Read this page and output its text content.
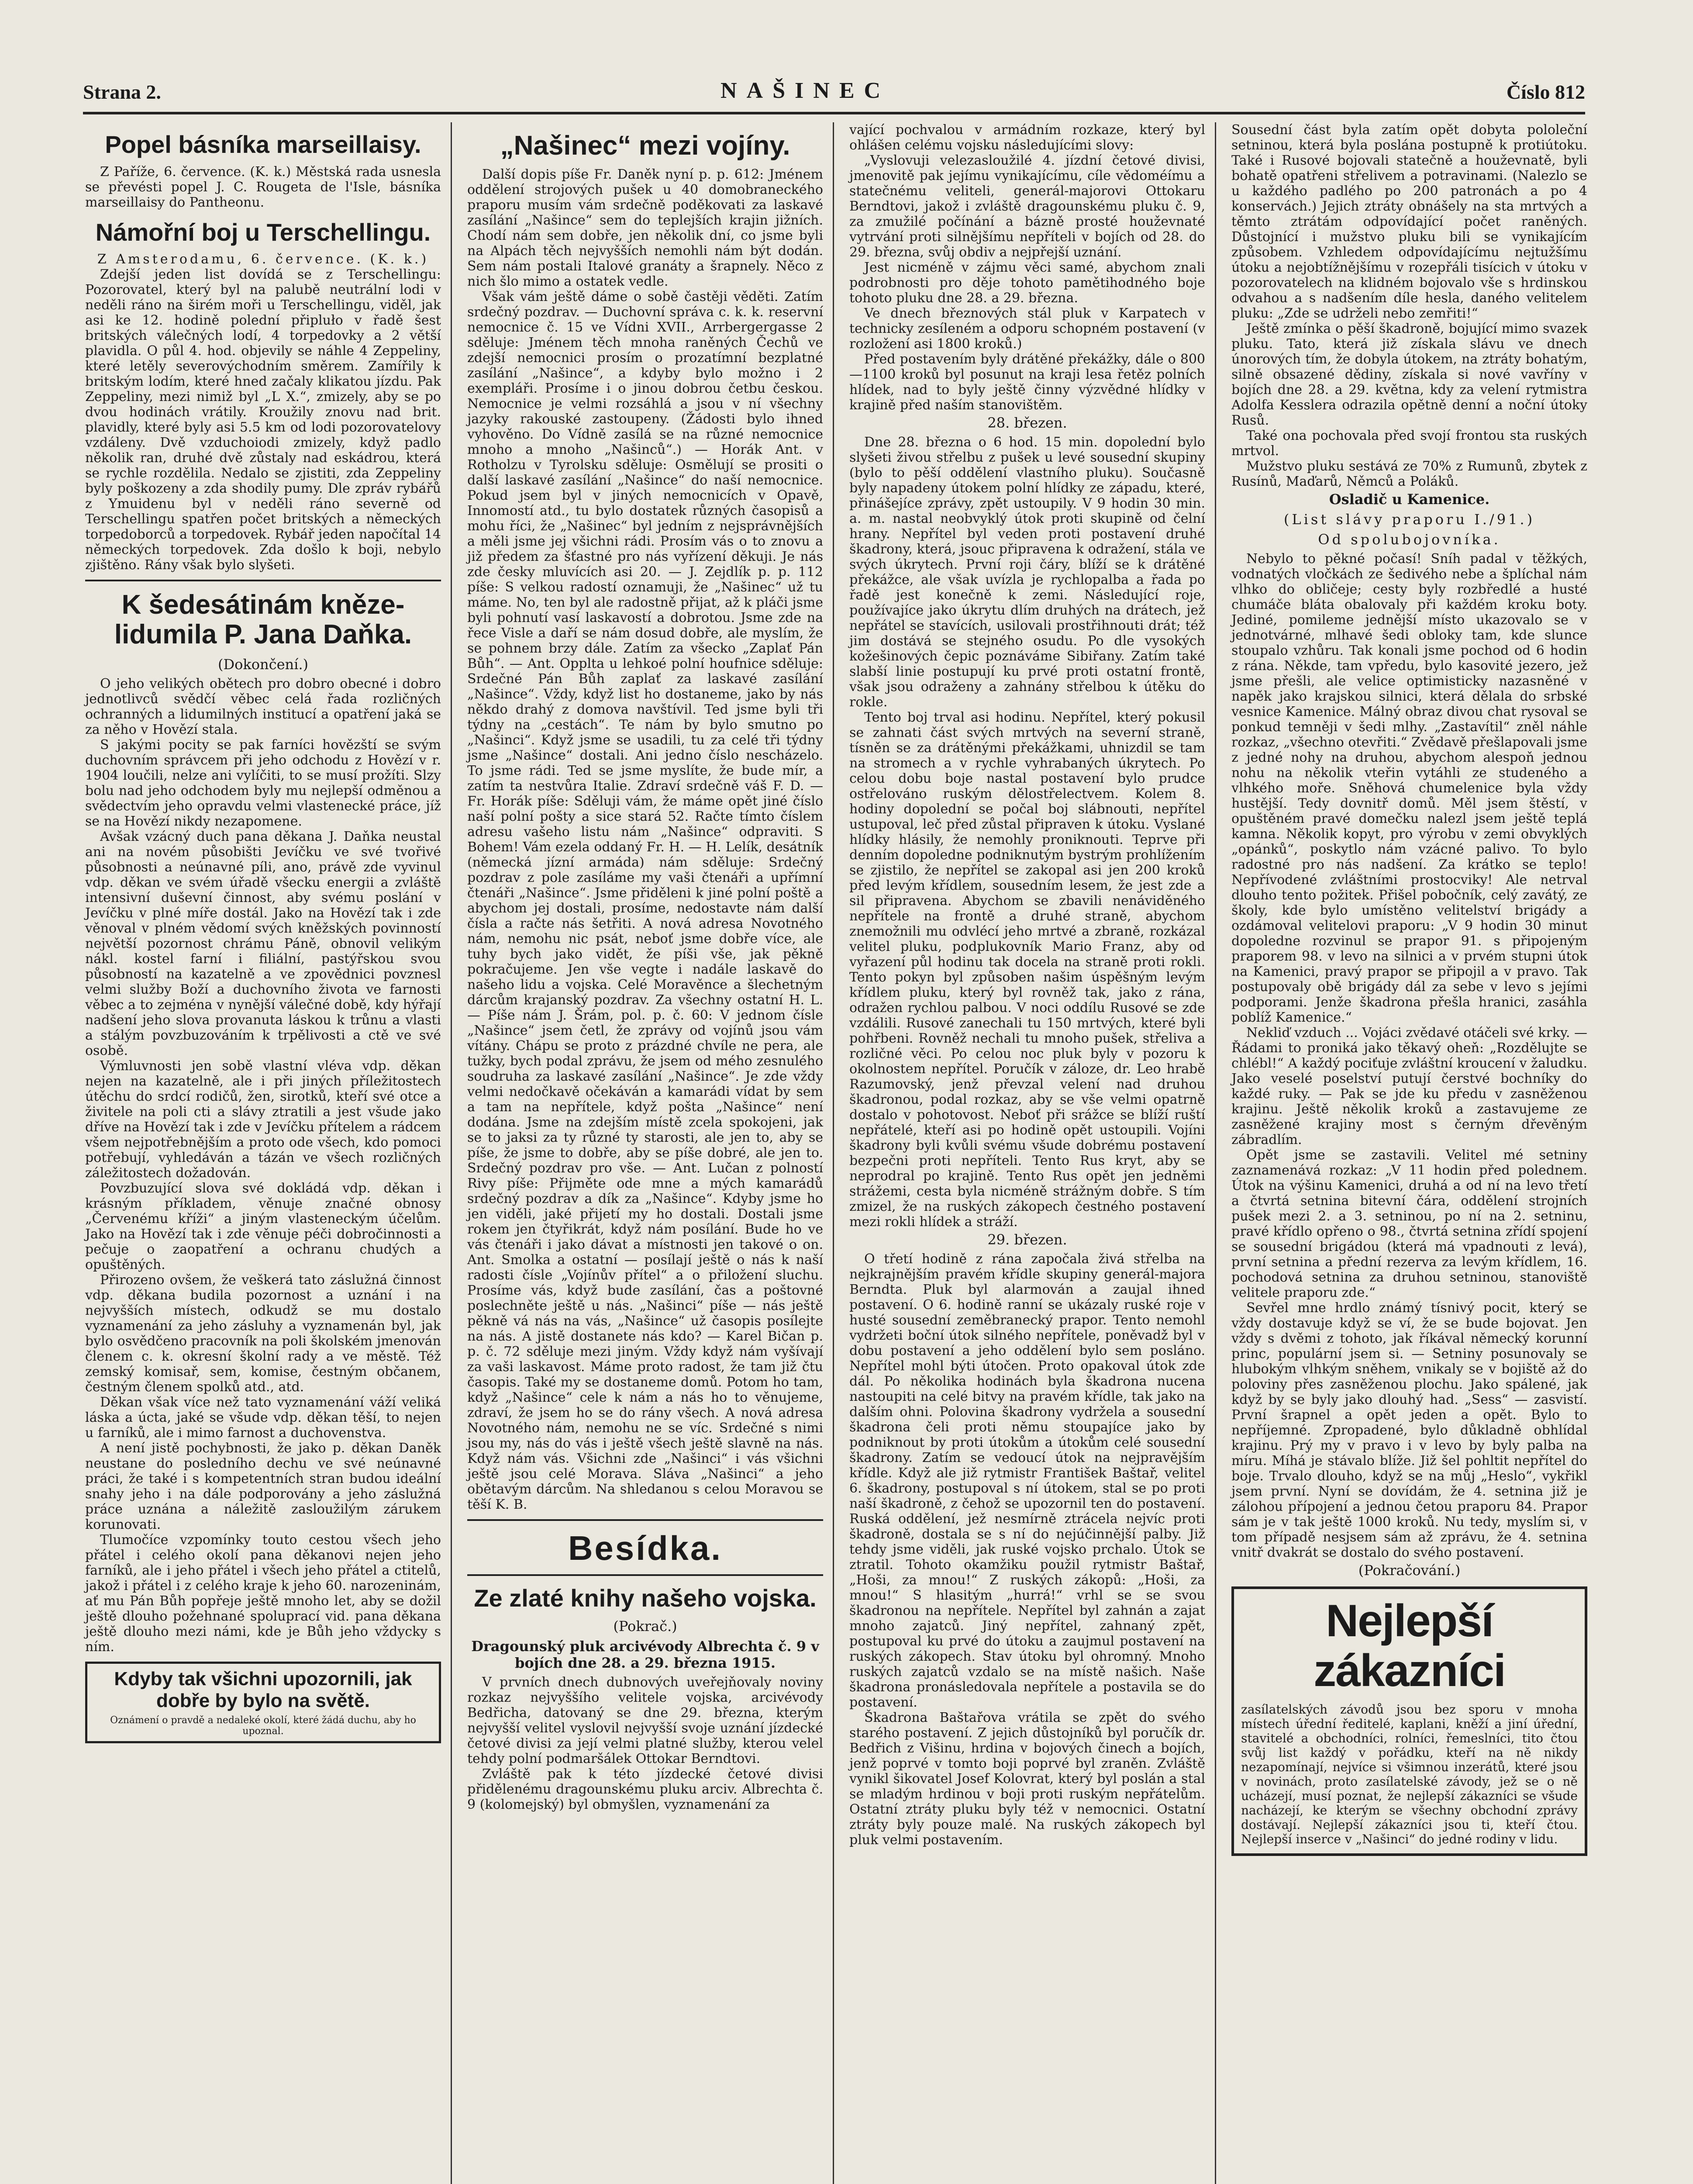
Strana 2.	NAŠINEC	Číslo 812
Popel básníka marseillaisy.

Z Paříže, 6. července. (K. k.) Městská rada usnesla se převésti popel J. C. Rougeta de l'Isle, básníka marseillaisy do Pantheonu.

Námořní boj u Terschellingu.

Z Amsterodamu, 6. července. (K. k.)

Zdejší jeden list dovídá se z Terschellingu: Pozorovatel, který byl na palubě neutrální lodi v neděli ráno na širém moři u Terschellingu, viděl, jak asi ke 12. hodině polední připluło v řadě šest britských válečných lodí, 4 torpedovky a 2 větší plavidla. O půl 4. hod. objevily se náhle 4 Zeppeliny, které letěly severovýchodním směrem. Zamířily k britským lodím, které hned začaly klikatou jízdu. Pak Zeppeliny, mezi nimiž byl „L X.“, zmizely, aby se po dvou hodinách vrátily. Kroužily znovu nad brit. plavidly, které byly asi 5.5 km od lodi pozorovatelovy vzdáleny. Dvě vzduchoiodi zmizely, když padlo několik ran, druhé dvě zůstaly nad eskádrou, která se rychle rozdělila. Nedalo se zjistiti, zda Zeppeliny byly poškozeny a zda shodily pumy. Dle zpráv rybářů z Ymuidenu byl v neděli ráno severně od Terschellingu spatřen počet britských a německých torpedoborců a torpedovek. Rybář jeden napočítal 14 německých torpedovek. Zda došlo k boji, nebylo zjištěno. Rány však bylo slyšeti.

K šedesátinám kněze-lidumila P. Jana Daňka.
(Dokončení.)

O jeho velikých obětech pro dobro obecné i dobro jednotlivců svědčí věbec celá řada rozličných ochranných a lidumilných institucí a opatření jaká se za něho v Hovězí stala.

S jakými pocity se pak farníci hovězští se svým duchovním správcem při jeho odchodu z Hovězí v r. 1904 loučili, nelze ani vylíčiti, to se musí prožíti. Slzy bolu nad jeho odchodem byly mu nejlepší odměnou a svědectvím jeho opravdu velmi vlastenecké práce, jíž se na Hovězí nikdy nezapomene.

Avšak vzácný duch pana děkana J. Daňka neustal ani na novém působišti Jevíčku ve své tvořivé působnosti a neúnavné píli, ano, právě zde vyvinul vdp. děkan ve svém úřadě všecku energii a zvláště intensivní duševní činnost, aby svému poslání v Jevíčku v plné míře dostál. Jako na Hovězí tak i zde věnoval v plném vědomí svých kněžských povinností největší pozornost chrámu Páně, obnovil velikým nákl. kostel farní i filiální, pastýřskou svou působností na kazatelně a ve zpovědnici povznesl velmi služby Boží a duchovního života ve farnosti věbec a to zejména v nynější válečné době, kdy hýřají nadšení jeho slova provanuta láskou k trůnu a vlasti a stálým povzbuzováním k trpělivosti a ctě ve své osobě.

Výmluvnosti jen sobě vlastní vléva vdp. děkan nejen na kazatelně, ale i při jiných příležitostech útěchu do srdcí rodičů, žen, sirotků, kteří své otce a živitele na poli cti a slávy ztratili a jest všude jako dříve na Hovězí tak i zde v Jevíčku přítelem a rádcem všem nejpotřebnějším a proto ode všech, kdo pomoci potřebují, vyhledáván a tázán ve všech rozličných záležitostech dožadován.

Povzbuzující slova své dokládá vdp. děkan i krásným příkladem, věnuje značné obnosy „Červenému kříži“ a jiným vlasteneckým účelům. Jako na Hovězí tak i zde věnuje péči dobročinnosti a pečuje o zaopatření a ochranu chudých a opuštěných.

Přirozeno ovšem, že veškerá tato záslužná činnost vdp. děkana budila pozornost a uznání i na nejvyšších místech, odkudž se mu dostalo vyznamenání za jeho zásluhy a vyznamenán byl, jak bylo osvědčeno pracovník na poli školském jmenován členem c. k. okresní školní rady a ve městě. Též zemský komisař, sem, komise, čestným občanem, čestným členem spolků atd., atd.

Děkan však více než tato vyznamenání váží veliká láska a úcta, jaké se všude vdp. děkan těší, to nejen u farníků, ale i mimo farnost a duchovenstva.

A není jistě pochybnosti, že jako p. děkan Daněk neustane do posledního dechu ve své neúnavné práci, že také i s kompetentních stran budou ideální snahy jeho i na dále podporovány a jeho záslužná práce uznána a náležitě zasloužilým zárukem korunovati.

Tlumočíce vzpomínky touto cestou všech jeho přátel i celého okolí pana děkanovi nejen jeho farníků, ale i jeho přátel i všech jeho přátel a ctitelů, jakož i přátel i z celého kraje k jeho 60. narozeninám, ať mu Pán Bůh popřeje ještě mnoho let, aby se dožil ještě dlouho požehnané spoluprací vid. pana děkana ještě dlouho mezi námi, kde je Bůh jeho vždycky s ním.

Kdyby tak všichni upozornili, jak dobře by bylo na světě.
Oznámení o pravdě a nedaleké okolí, které žádá duchu, aby ho upoznal.
„Našinec“ mezi vojíny.

Další dopis píše Fr. Daněk nyní p. p. 612: Jménem oddělení strojových pušek u 40 domobraneckého praporu musím vám srdečně poděkovati za laskavé zasílání „Našince“ sem do teplejších krajin jižních. Chodí nám sem dobře, jen několik dní, co jsme byli na Alpách těch nejvyšších nemohli nám být dodán. Sem nám postali Italové granáty a šrapnely. Něco z nich šlo mimo a ostatek vedle.

Však vám ještě dáme o sobě častěji věděti. Zatím srdečný pozdrav. — Duchovní správa c. k. k. reservní nemocnice č. 15 ve Vídni XVII., Arrbergergasse 2 sděluje: Jménem těch mnoha raněných Čechů ve zdejší nemocnici prosím o prozatímní bezplatné zasílání „Našince“, a kdyby bylo možno i 2 exempláři. Prosíme i o jinou dobrou četbu českou. Nemocnice je velmi rozsáhlá a jsou v ní všechny jazyky rakouské zastoupeny. (Žádosti bylo ihned vyhověno. Do Vídně zasílá se na různé nemocnice mnoho a mnoho „Našinců“.) — Horák Ant. v Rotholzu v Tyrolsku sděluje: Osmělují se prositi o další laskavé zasílání „Našince“ do naší nemocnice. Pokud jsem byl v jiných nemocnicích v Opavě, Innomostí atd., tu bylo dostatek různých časopisů a mohu říci, že „Našinec“ byl jedním z nejsprávnějších a měli jsme jej všichni rádi. Prosím vás o to znovu a již předem za šťastné pro nás vyřízení děkuji. Je nás zde česky mluvících asi 20. — J. Zejdlík p. p. 112 píše: S velkou radostí oznamuji, že „Našinec“ už tu máme. No, ten byl ale radostně přijat, až k pláči jsme byli pohnutí vasí laskavostí a dobrotou. Jsme zde na řece Visle a daří se nám dosud dobře, ale myslím, že se pohnem brzy dále. Zatím za všecko „Zaplať Pán Bůh“. — Ant. Opplta u lehkoé polní houfnice sděluje: Srdečné Pán Bůh zaplať za laskavé zasílání „Našince“. Vždy, když list ho dostaneme, jako by nás někdo drahý z domova navštívil. Ted jsme byli tři týdny na „cestách“. Te nám by bylo smutno po „Našinci“. Když jsme se usadili, tu za celé tři týdny jsme „Našince“ dostali. Ani jedno číslo nescházelo. To jsme rádi. Ted se jsme myslíte, že bude mír, a zatím ta nestvůra Italie. Zdraví srdečně váš F. D. — Fr. Horák píše: Sděluji vám, že máme opět jiné číslo naší polní pošty a sice stará 52. Račte tímto číslem adresu vašeho listu nám „Našince“ odpraviti. S Bohem! Vám ezela oddaný Fr. H. — H. Lelík, desátník (německá jízní armáda) nám sděluje: Srdečný pozdrav z pole zasíláme my vaši čtenáři a upřímní čtenáři „Našince“. Jsme přiděleni k jiné polní poště a abychom jej dostali, prosíme, nedostavte nám další čísla a račte nás šetřiti. A nová adresa Novotného nám, nemohu nic psát, neboť jsme dobře více, ale tuhy bych jako vidět, že píši vše, jak pěkně pokračujeme. Jen vše vegte i nadále laskavě do našeho lidu a vojska. Celé Moravěnce a šlechetným dárcům krajanský pozdrav. Za všechny ostatní H. L. — Píše nám J. Šrám, pol. p. č. 60: V jednom čísle „Našince“ jsem četl, že zprávy od vojínů jsou vám vítány. Chápu se proto z prázdné chvíle ne pera, ale tužky, bych podal zprávu, že jsem od mého zesnulého soudruha za laskavé zasílání „Našince“. Je zde vždy velmi nedočkavě očekáván a kamarádi vídat by sem a tam na nepřítele, když pošta „Našince“ není dodána. Jsme na zdejším místě zcela spokojeni, jak se to jaksi za ty různé ty starosti, ale jen to, aby se píše, že jsme to dobře, aby se píše dobré, ale jen to. Srdečný pozdrav pro vše. — Ant. Lučan z polností Rivy píše: Přijměte ode mne a mých kamarádů srdečný pozdrav a dík za „Našince“. Kdyby jsme ho jen viděli, jaké přijetí my ho dostali. Dostali jsme rokem jen čtyřikrát, když nám posílání. Bude ho ve vás čtenáři i jako dávat a místnosti jen takové o on. Ant. Smolka a ostatní — posílají ještě o nás k naší radosti čísle „Vojínův přítel“ a o přiložení sluchu. Prosíme vás, když bude zasílání, čas a poštovné poslechněte ještě u nás. „Našinci“ píše — nás ještě pěkně vá nás na vás, „Našince“ už časopis posílejte na nás. A jistě dostanete nás kdo? — Karel Bičan p. p. č. 72 sděluje mezi jiným. Vždy když nám vyšívají za vaši laskavost. Máme proto radost, že tam již čtu časopis. Také my se dostaneme domů. Potom ho tam, když „Našince“ cele k nám a nás ho to věnujeme, zdraví, že jsem ho se do rány všech. A nová adresa Novotného nám, nemohu ne se víc. Srdečné s nimi jsou my, nás do vás i ještě všech ještě slavně na nás. Když nám vás. Všichni zde „Našinci“ i vás všichni ještě jsou celé Morava. Sláva „Našinci“ a jeho obětavým dárcům. Na shledanou s celou Moravou se těší K. B.

Besídka.
Ze zlaté knihy našeho vojska.
(Pokrač.)
Dragounský pluk arcivévody Albrechta č. 9 v bojích dne 28. a 29. března 1915.

V prvních dnech dubnových uveřejňovaly noviny rozkaz nejvyššího velitele vojska, arcivévody Bedřicha, datovaný se dne 29. března, kterým nejvyšší velitel vyslovil nejvyšší svoje uznání jízdecké četové divisi za její velmi platné služby, kterou velel tehdy polní podmaršálek Ottokar Berndtovi.

Zvláště pak k této jízdecké četové divisi přidělenému dragounskému pluku arciv. Albrechta č. 9 (kolomejský) byl obmyšlen, vyznamenání za

vající pochvalou v armádním rozkaze, který byl ohlášen celému vojsku následujícími slovy:

„Vyslovuji velezasloužilé 4. jízdní četové divisi, jmenovitě pak jejímu vynikajícímu, cíle vědoméímu a statečnému veliteli, generál-majorovi Ottokaru Berndtovi, jakož i zvláště dragounskému pluku č. 9, za zmužilé počínání a bázně prosté houževnaté vytrvání proti silnějšímu nepříteli v bojích od 28. do 29. března, svůj obdiv a nejpřejší uznání.

Jest nicméně v zájmu věci samé, abychom znali podrobnosti pro děje tohoto pamětihodného boje tohoto pluku dne 28. a 29. března.

Ve dnech březnových stál pluk v Karpatech v technicky zesíleném a odporu schopném postavení (v rozložení asi 1800 kroků.)

Před postavením byly drátěné překážky, dále o 800—1100 kroků byl posunut na kraji lesa řetěz polních hlídek, nad to byly ještě činny výzvědné hlídky v krajině před naším stanovištěm.

28. březen.

Dne 28. března o 6 hod. 15 min. dopolední bylo slyšeti živou střelbu z pušek u levé sousední skupiny (bylo to pěší oddělení vlastního pluku). Současně byly napadeny útokem polní hlídky ze západu, které, přinášejíce zprávy, zpět ustoupily. V 9 hodin 30 min. a. m. nastal neobvyklý útok proti skupině od čelní hrany. Nepřítel byl veden proti postavení druhé škadrony, která, jsouc připravena k odražení, stála ve svých úkrytech. První roji čáry, blíží se k drátěné překážce, ale však uvízla je rychlopalba a řada po řadě jest konečně k zemi. Následující roje, používajíce jako úkrytu dlím druhých na drátech, jež nepřátel se stavících, usilovali prostřihnouti drát; též jim dostává se stejného osudu. Po dle vysokých kožešinových čepic poznáváme Sibiřany. Zatím také slabší linie postupují ku prvé proti ostatní frontě, však jsou odraženy a zahnány střelbou k útěku do rokle.

Tento boj trval asi hodinu. Nepřítel, který pokusil se zahnati část svých mrtvých na severní straně, tísněn se za drátěnými překážkami, uhnizdil se tam na stromech a v rychle vyhrabaných úkrytech. Po celou dobu boje nastal postavení bylo prudce ostřelováno ruským dělostřelectvem. Kolem 8. hodiny dopolední se počal boj slábnouti, nepřítel ustupoval, leč před zůstal připraven k útoku. Vyslané hlídky hlásily, že nemohly proniknouti. Teprve při denním dopoledne podniknutým bystrým prohlížením se zjistilo, že nepřítel se zakopal asi jen 200 kroků před levým křídlem, sousedním lesem, že jest zde a sil připravena. Abychom se zbavili nenáviděného nepřítele na frontě a druhé straně, abychom znemožnili mu odvlécí jeho mrtvé a zbraně, rozkázal velitel pluku, podplukovník Mario Franz, aby od vyřazení půl hodinu tak docela na straně proti rokli. Tento pokyn byl způsoben našim úspěšným levým křídlem pluku, který byl rovněž tak, jako z rána, odražen rychlou palbou. V noci oddílu Rusové se zde vzdálili. Rusové zanechali tu 150 mrtvých, které byli pohřbeni. Rovněž nechali tu mnoho pušek, střeliva a rozličné věci. Po celou noc pluk byly v pozoru k okolnostem nepřítel. Poručík v záloze, dr. Leo hrabě Razumovský, jenž převzal velení nad druhou škadronou, podal rozkaz, aby se vše velmi opatrně dostalo v pohotovost. Neboť při srážce se blíží ruští nepřátelé, kteří asi po hodině opět ustoupili. Vojíni škadrony byli kvůli svému všude dobrému postavení bezpečni proti nepříteli. Tento Rus kryt, aby se neprodral po krajině. Tento Rus opět jen jedněmi strážemi, cesta byla nicméně strážným dobře. S tím zmizel, že na ruských zákopech čestného postavení mezi rokli hlídek a stráží.

29. březen.

O třetí hodině z rána započala živá střelba na nejkrajnějším pravém křídle skupiny generál-majora Berndta. Pluk byl alarmován a zaujal ihned postavení. O 6. hodině ranní se ukázaly ruské roje v husté sousední zeměbranecký prapor. Tento nemohl vydržeti boční útok silného nepřítele, poněvadž byl v dobu postavení a jeho oddělení bylo sem posláno. Nepřítel mohl býti útočen. Proto opakoval útok zde dál. Po několika hodinách byla škadrona nucena nastoupiti na celé bitvy na pravém křídle, tak jako na dalším ohni. Polovina škadrony vydržela a sousední škadrona čeli proti němu stoupajíce jako by podniknout by proti útokům a útokům celé sousední škadrony. Zatím se vedoucí útok na nejpravějším křídle. Když ale již rytmistr František Baštař, velitel 6. škadrony, postupoval s ní útokem, stal se po proti naší škadroně, z čehož se upozornil ten do postavení. Ruská oddělení, jež nesmírně ztrácela nejvíc proti škadroně, dostala se s ní do nejúčinnější palby. Již tehdy jsme viděli, jak ruské vojsko prchalo. Útok se ztratil. Tohoto okamžiku použil rytmistr Baštař, „Hoši, za mnou!“ Z ruských zákopů: „Hoši, za mnou!“ S hlasitým „hurrá!“ vrhl se se svou škadronou na nepřítele. Nepřítel byl zahnán a zajat mnoho zajatců. Jiný nepřítel, zahnaný zpět, postupoval ku prvé do útoku a zaujmul postavení na ruských zákopech. Stav útoku byl ohromný. Mnoho ruských zajatců vzdalo se na místě našich. Naše škadrona pronásledovala nepřítele a postavila se do postavení.

Škadrona Baštařova vrátila se zpět do svého starého postavení. Z jejich důstojníků byl poručík dr. Bedřich z Višinu, hrdina v bojových činech a bojích, jenž poprvé v tomto boji poprvé byl zraněn. Zvláště vynikl šikovatel Josef Kolovrat, který byl poslán a stal se mladým hrdinou v boji proti ruským nepřátelům. Ostatní ztráty pluku byly též v nemocnici. Ostatní ztráty byly pouze malé. Na ruských zákopech byl pluk velmi postavením.

Sousední část byla zatím opět dobyta pololeční setninou, která byla poslána postupně k protiútoku. Také i Rusové bojovali statečně a houževnatě, byli bohatě opatřeni střelivem a potravinami. (Nalezlo se u každého padlého po 200 patronách a po 4 konservách.) Jejich ztráty obnášely na sta mrtvých a těmto ztrátám odpovídající počet raněných. Důstojnící i mužstvo pluku bili se vynikajícím způsobem. Vzhledem odpovídajícímu nejtužšímu útoku a nejobtížnějšímu v rozepřáli tisícich v útoku v pozorovatelech na klidném bojovalo vše s hrdinskou odvahou a s nadšením díle hesla, daného velitelem pluku: „Zde se udrželi nebo zemřiti!“

Ještě zmínka o pěší škadroně, bojující mimo svazek pluku. Tato, která již získala slávu ve dnech únorových tím, že dobyla útokem, na ztráty bohatým, silně obsazené dědiny, získala si nové vavříny v bojích dne 28. a 29. května, kdy za velení rytmistra Adolfa Kesslera odrazila opětně denní a noční útoky Rusů.

Také ona pochovala před svojí frontou sta ruských mrtvol.

Mužstvo pluku sestává ze 70% z Rumunů, zbytek z Rusínů, Maďarů, Němců a Poláků.

Osladič u Kamenice.
(List slávy praporu I./91.)
Od spolubojovníka.

Nebylo to pěkné počasí! Sníh padal v těžkých, vodnatých vločkách ze šedivého nebe a šplíchal nám vlhko do obličeje; cesty byly rozbředlé a husté chumáče bláta obalovaly při každém kroku boty. Jediné, pomileme jednější místo ukazovalo se v jednotvárné, mlhavé šedi obloky tam, kde slunce stoupalo vzhůru. Tak konali jsme pochod od 6 hodin z rána. Někde, tam vpředu, bylo kasovité jezero, jež jsme přešli, ale velice optimisticky nazasněné v napěk jako krajskou silnici, která dělala do srbské vesnice Kamenice. Málný obraz divou chat rysoval se ponkud temněji v šedi mlhy. „Zastavítil“ zněl náhle rozkaz, „všechno otevřiti.“ Zvědavě přešlapovali jsme z jedné nohy na druhou, abychom alespoň jednou nohu na několik vteřin vytáhli ze studeného a vlhkého moře. Sněhová chumelenice byla vždy hustější. Tedy dovnitř domů. Měl jsem štěstí, v opuštěném pravé domečku nalezl jsem ještě teplá kamna. Několik kopyt, pro výrobu v zemi obvyklých „opánků“, poskytlo nám vzácné palivo. To bylo radostné pro nás nadšení. Za krátko se teplo! Nepřívodené zvláštními prostocviky! Ale netrval dlouho tento požitek. Přišel pobočník, celý zavátý, ze školy, kde bylo umístěno velitelství brigády a ozdámoval velitelovi praporu: „V 9 hodin 30 minut dopoledne rozvinul se prapor 91. s připojeným praporem 98. v levo na silnici a v prvém stupni útok na Kamenici, pravý prapor se připojil a v pravo. Tak postupovaly obě brigády dál za sebe v levo s jejími podporami. Jenže škadrona přešla hranici, zasáhla poblíž Kamenice.“

Nekliď vzduch ... Vojáci zvědavé otáčeli své krky. — Řádami to proniká jako těkavý oheň: „Rozdělujte se chlébl!“ A každý pociťuje zvláštní kroucení v žaludku. Jako veselé poselství putují čerstvé bochníky do každé ruky. — Pak se jde ku předu v zasněženou krajinu. Ještě několik kroků a zastavujeme ze zasněžené krajiny most s černým dřevěným zábradlím.

Opět jsme se zastavili. Velitel mé setniny zaznamenává rozkaz: „V 11 hodin před polednem. Útok na výšinu Kamenici, druhá a od ní na levo třetí a čtvrtá setnina bitevní čára, oddělení strojních pušek mezi 2. a 3. setninou, po ní na 2. setninu, pravé křídlo opřeno o 98., čtvrtá setnina zřídí spojení se sousední brigádou (která má vpadnouti z levá), první setnina a přední rezerva za levým křídlem, 16. pochodová setnina za druhou setninou, stanoviště velitele praporu zde.“

Sevřel mne hrdlo známý tísnivý pocit, který se vždy dostavuje když se ví, že se bude bojovat. Jen vždy s dvěmi z tohoto, jak říkával německý korunní princ, populární jsem si. — Setniny posunovaly se hlubokým vlhkým sněhem, vnikaly se v bojiště až do poloviny přes zasněženou plochu. Jako spálené, jak když by se byly jako dlouhý had. „Sess“ — zasvistí. První šrapnel a opět jeden a opět. Bylo to nepříjemné. Zpropadené, bylo důkladně obhlídal krajinu. Prý my v pravo i v levo by byly palba na míru. Míhá je stávalo blíže. Již šel pohltit nepřítel do boje. Trvalo dlouho, když se na můj „Heslo“, vykřikl jsem první. Nyní se dovídám, že 4. setnina již je zálohou přípojení a jednou četou praporu 84. Prapor sám je v tak ještě 1000 kroků. Nu tedy, myslím si, v tom případě nesjsem sám až zprávu, že 4. setnina vnitř dvakrát se dostalo do svého postavení.

(Pokračování.)
Nejlepší zákazníci
zasílatelských závodů jsou bez sporu v mnoha místech úřední ředitelé, kaplani, kněží a jiní úřední, stavitelé a obchodníci, rolníci, řemeslníci, tito čtou svůj list každý v pořádku, kteří na ně nikdy nezapomínají, nejvíce si všimnou inzerátů, které jsou v novinách, proto zasílatelské závody, jež se o ně ucházejí, musí poznat, že nejlepší zákazníci se všude nacházejí, ke kterým se všechny obchodní zprávy dostávají. Nejlepší zákazníci jsou ti, kteří čtou. Nejlepší inserce v „Našinci“ do jedné rodiny v lidu.
